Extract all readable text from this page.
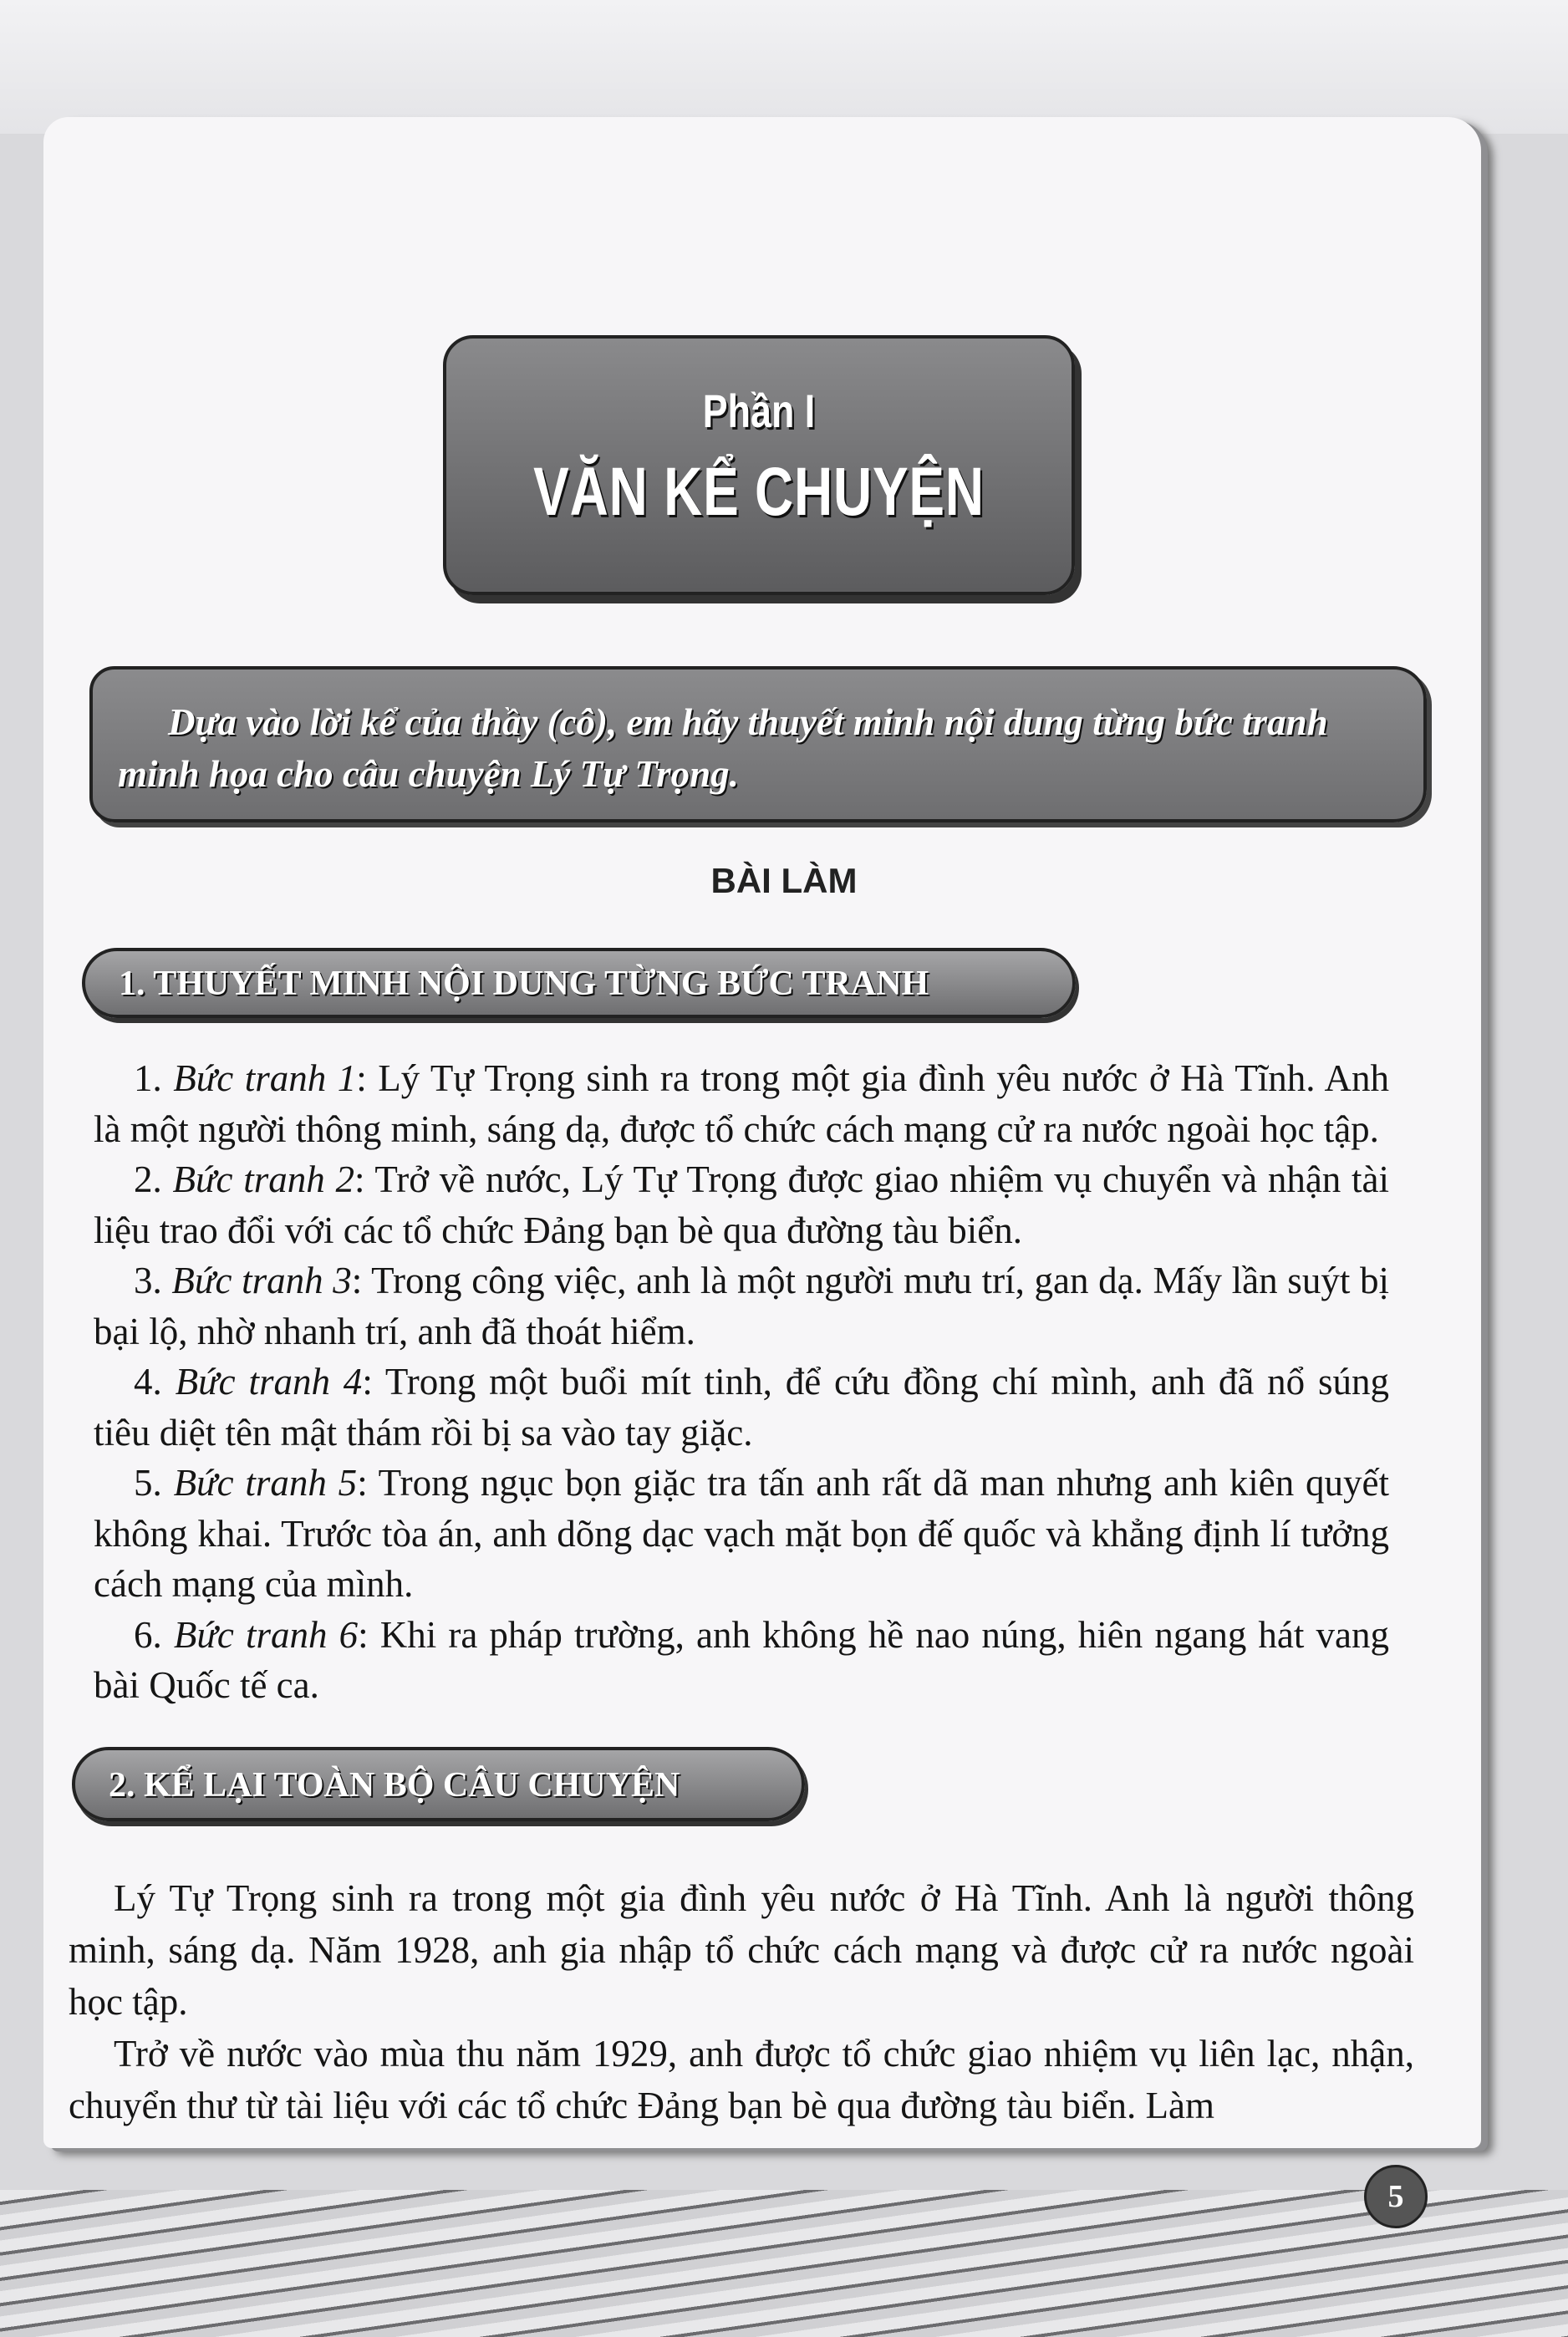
Phần I
VĂN KỂ CHUYỆN
Dựa vào lời kể của thầy (cô), em hãy thuyết minh nội dung từng bức tranh
minh họa cho câu chuyện Lý Tự Trọng.
BÀI LÀM
1. THUYẾT MINH NỘI DUNG TỪNG BỨC TRANH

1. Bức tranh 1: Lý Tự Trọng sinh ra trong một gia đình yêu nước ở Hà Tĩnh. Anh là một người thông minh, sáng dạ, được tổ chức cách mạng cử ra nước ngoài học tập.

2. Bức tranh 2: Trở về nước, Lý Tự Trọng được giao nhiệm vụ chuyển và nhận tài liệu trao đổi với các tổ chức Đảng bạn bè qua đường tàu biển.

3. Bức tranh 3: Trong công việc, anh là một người mưu trí, gan dạ. Mấy lần suýt bị bại lộ, nhờ nhanh trí, anh đã thoát hiểm.

4. Bức tranh 4: Trong một buổi mít tinh, để cứu đồng chí mình, anh đã nổ súng tiêu diệt tên mật thám rồi bị sa vào tay giặc.

5. Bức tranh 5: Trong ngục bọn giặc tra tấn anh rất dã man nhưng anh kiên quyết không khai. Trước tòa án, anh dõng dạc vạch mặt bọn đế quốc và khẳng định lí tưởng cách mạng của mình.

6. Bức tranh 6: Khi ra pháp trường, anh không hề nao núng, hiên ngang hát vang bài Quốc tế ca.

2. KỂ LẠI TOÀN BỘ CÂU CHUYỆN

Lý Tự Trọng sinh ra trong một gia đình yêu nước ở Hà Tĩnh. Anh là người thông minh, sáng dạ. Năm 1928, anh gia nhập tổ chức cách mạng và được cử ra nước ngoài học tập.

Trở về nước vào mùa thu năm 1929, anh được tổ chức giao nhiệm vụ liên lạc, nhận, chuyển thư từ tài liệu với các tổ chức Đảng bạn bè qua đường tàu biển. Làm

5
